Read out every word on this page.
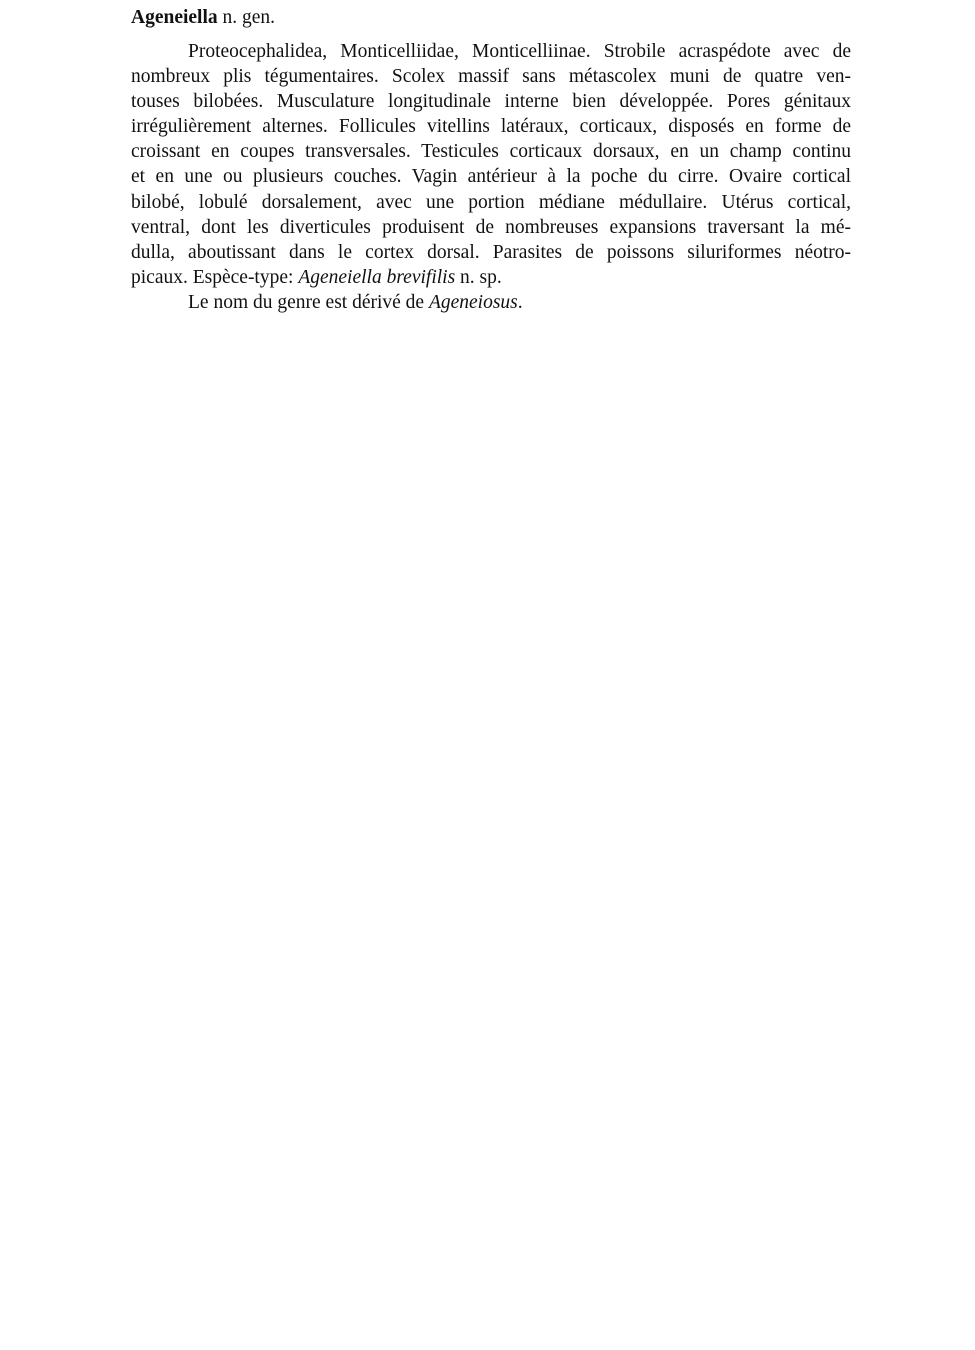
Ageneiella n. gen.
Proteocephalidea, Monticelliidae, Monticelliinae. Strobile acraspédote avec de
nombreux plis tégumentaires. Scolex massif sans métascolex muni de quatre ven-
touses bilobées. Musculature longitudinale interne bien développée. Pores génitaux
irrégulièrement alternes. Follicules vitellins latéraux, corticaux, disposés en forme de
croissant en coupes transversales. Testicules corticaux dorsaux, en un champ continu
et en une ou plusieurs couches. Vagin antérieur à la poche du cirre. Ovaire cortical
bilobé, lobulé dorsalement, avec une portion médiane médullaire. Utérus cortical,
ventral, dont les diverticules produisent de nombreuses expansions traversant la mé-
dulla, aboutissant dans le cortex dorsal. Parasites de poissons siluriformes néotro-
picaux. Espèce-type: Ageneiella brevifilis n. sp.
Le nom du genre est dérivé de Ageneiosus.
